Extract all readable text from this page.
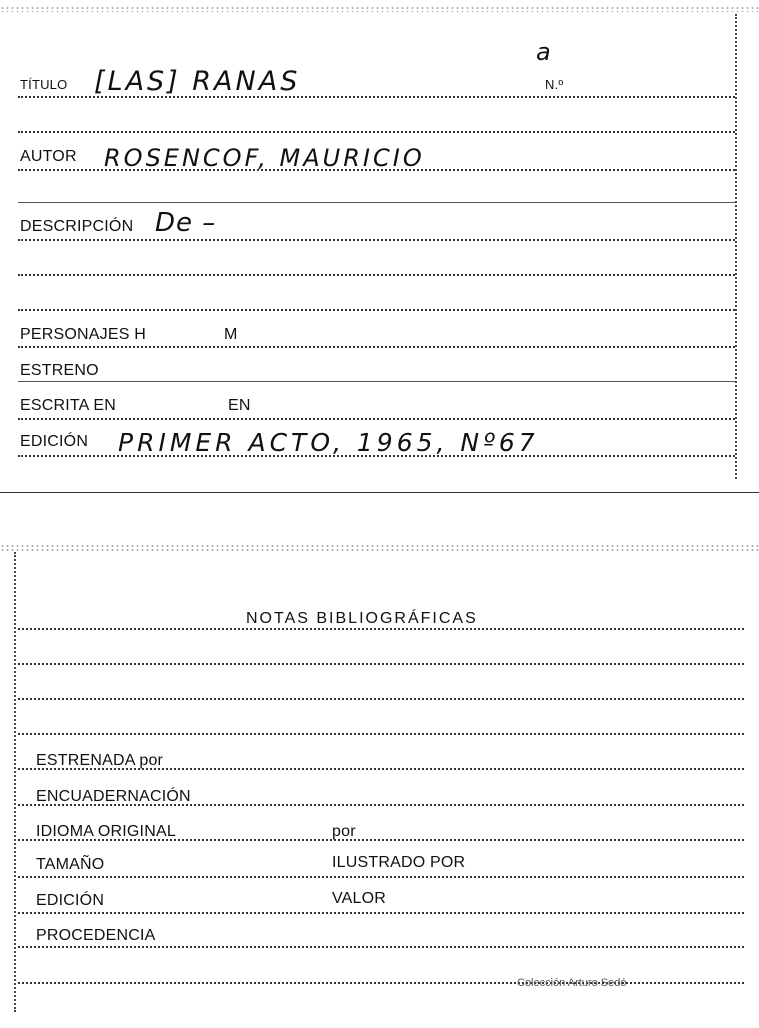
TÍTULO [LAS] RANAS
a
N.º
AUTOR ROSENCOF, MAURICIO
DESCRIPCIÓN De –
PERSONAJES H	M
ESTRENO
ESCRITA EN	EN
EDICIÓN PRIMER ACTO, 1965, Nº67
NOTAS BIBLIOGRÁFICAS
ESTRENADA por
ENCUADERNACIÓN
IDIOMA ORIGINAL	por
TAMAÑO	ILUSTRADO POR
EDICIÓN	VALOR
PROCEDENCIA
Colección Arturo Sedó
